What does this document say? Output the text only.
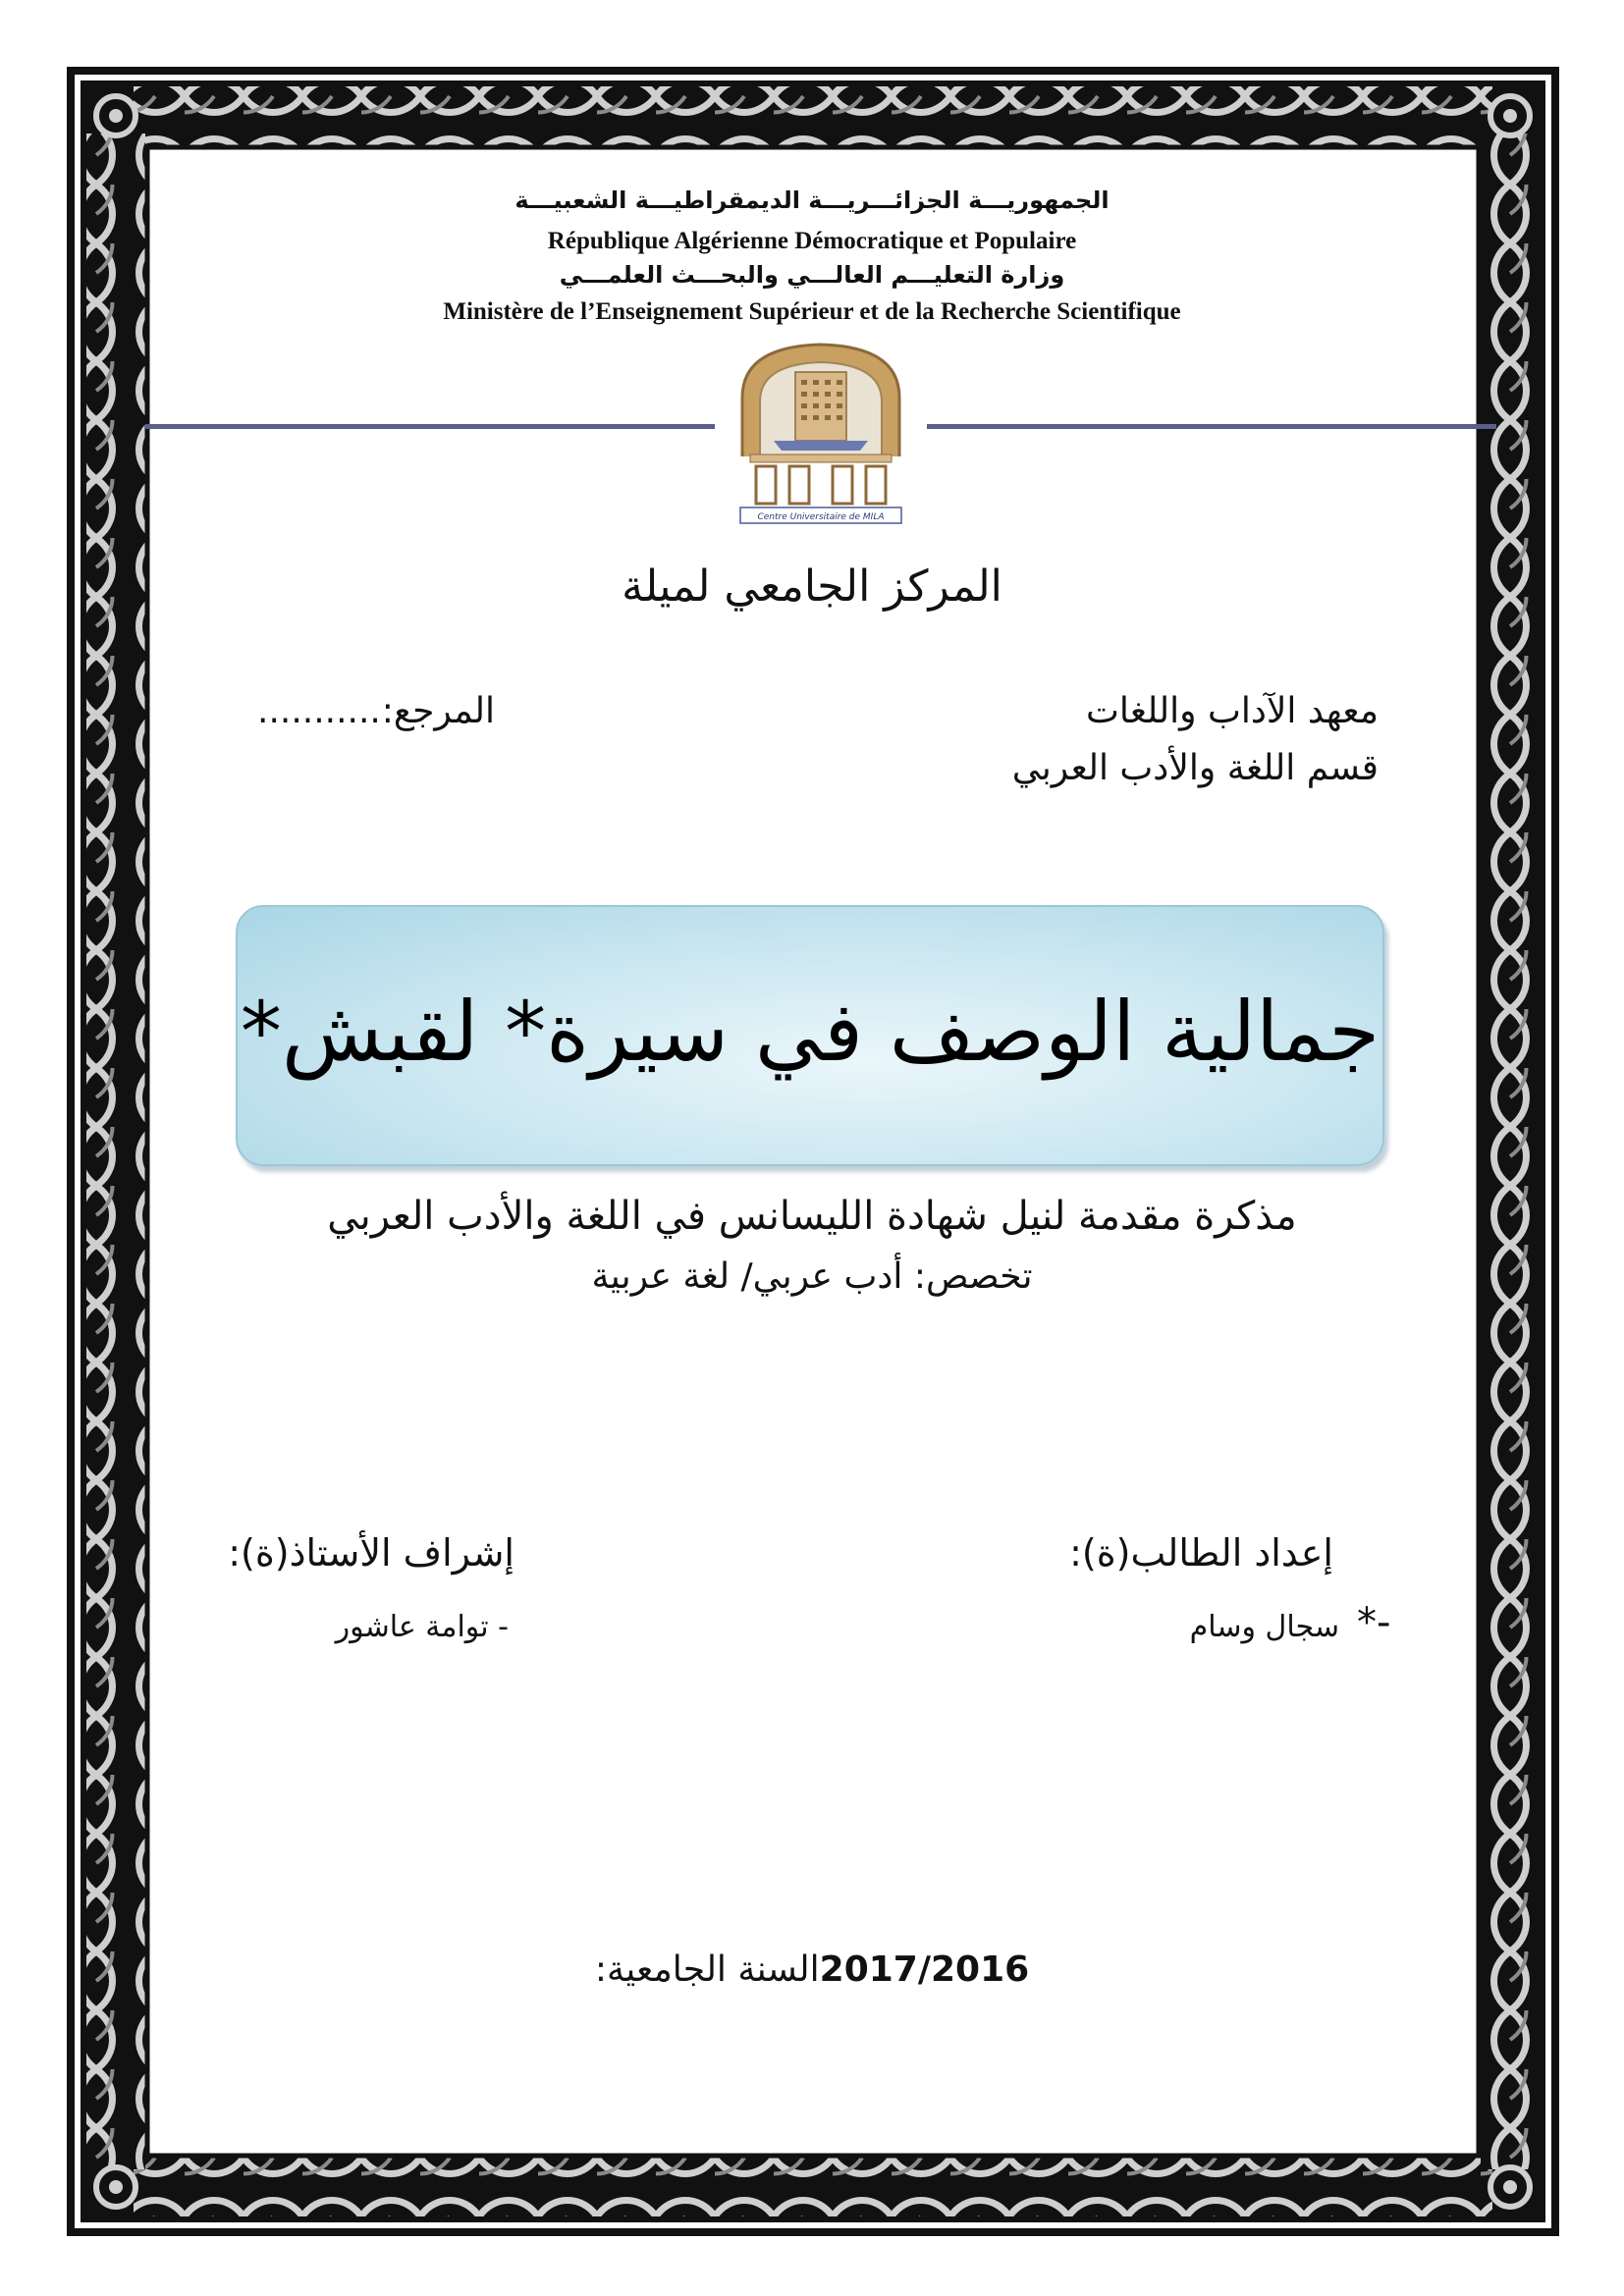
الجمهوريـــة الجزائـــريـــة الديمقراطيـــة الشعبيـــة
République Algérienne Démocratique et Populaire
وزارة التعليـــم العالـــي والبحـــث العلمـــي
Ministère de l’Enseignement Supérieur et de la Recherche Scientifique
Centre Universitaire de MILA
المركز الجامعي لميلة
معهد الآداب واللغات
قسم اللغة والأدب العربي
المرجع:
...........
جمالية الوصف في سيرة* لقبش*
مذكرة مقدمة لنيل شهادة الليسانس في اللغة والأدب العربي
تخصص: أدب عربي/ لغة عربية
إعداد الطالب(ة):
*-
سجال وسام
إشراف الأستاذ(ة):
- توامة عاشور
السنة الجامعية:2017/2016
